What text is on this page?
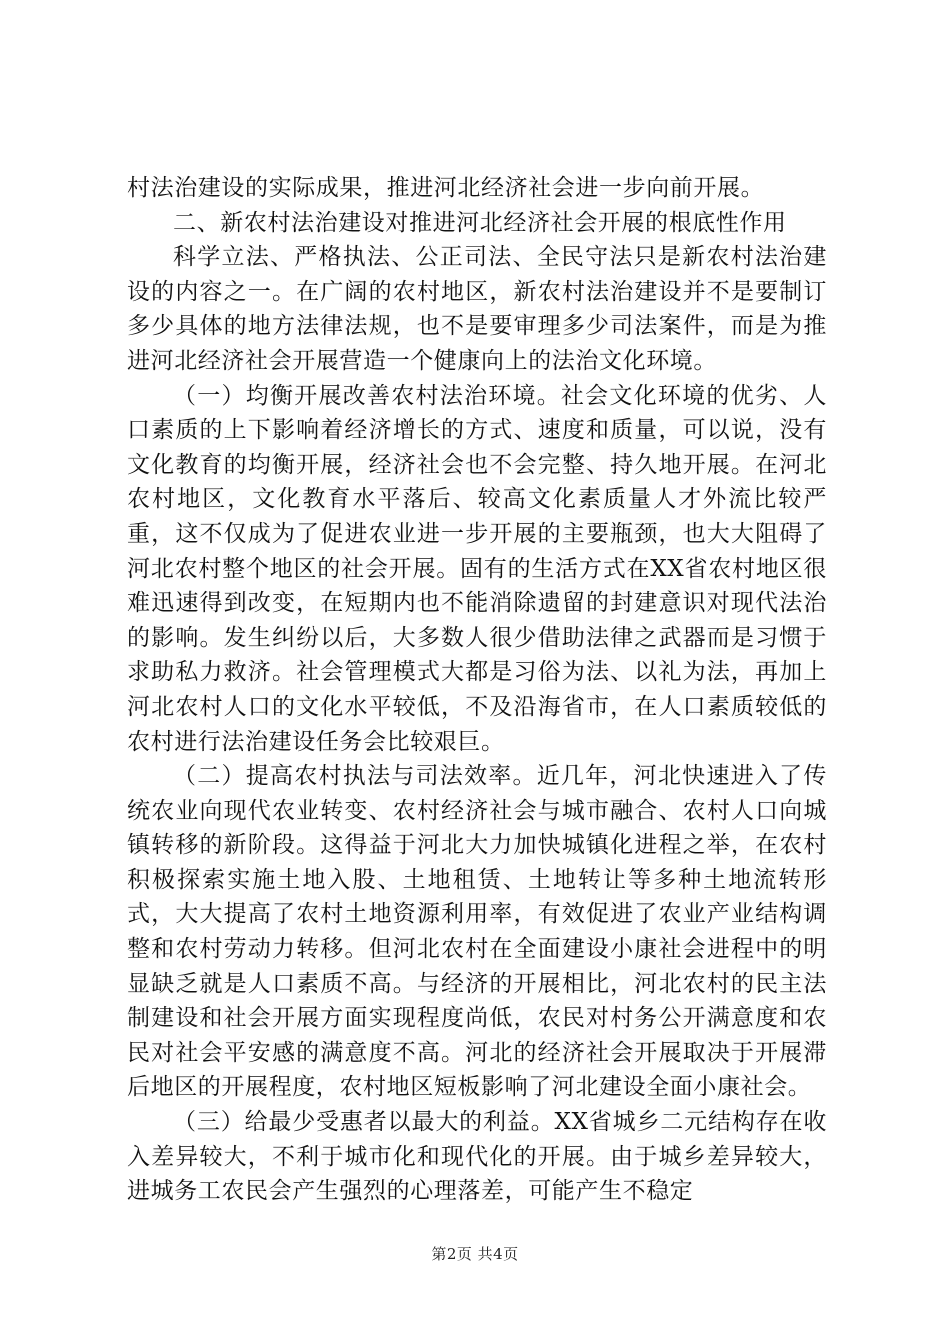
村法治建设的实际成果，推进河北经济社会进一步向前开展。

二、新农村法治建设对推进河北经济社会开展的根底性作用

科学立法、严格执法、公正司法、全民守法只是新农村法治建设的内容之一。在广阔的农村地区，新农村法治建设并不是要制订多少具体的地方法律法规，也不是要审理多少司法案件，而是为推进河北经济社会开展营造一个健康向上的法治文化环境。

（一）均衡开展改善农村法治环境。社会文化环境的优劣、人口素质的上下影响着经济增长的方式、速度和质量，可以说，没有文化教育的均衡开展，经济社会也不会完整、持久地开展。在河北农村地区，文化教育水平落后、较高文化素质量人才外流比较严重，这不仅成为了促进农业进一步开展的主要瓶颈，也大大阻碍了河北农村整个地区的社会开展。固有的生活方式在XX省农村地区很难迅速得到改变，在短期内也不能消除遗留的封建意识对现代法治的影响。发生纠纷以后，大多数人很少借助法律之武器而是习惯于求助私力救济。社会管理模式大都是习俗为法、以礼为法，再加上河北农村人口的文化水平较低，不及沿海省市，在人口素质较低的农村进行法治建设任务会比较艰巨。

（二）提高农村执法与司法效率。近几年，河北快速进入了传统农业向现代农业转变、农村经济社会与城市融合、农村人口向城镇转移的新阶段。这得益于河北大力加快城镇化进程之举，在农村积极探索实施土地入股、土地租赁、土地转让等多种土地流转形式，大大提高了农村土地资源利用率，有效促进了农业产业结构调整和农村劳动力转移。但河北农村在全面建设小康社会进程中的明显缺乏就是人口素质不高。与经济的开展相比，河北农村的民主法制建设和社会开展方面实现程度尚低，农民对村务公开满意度和农民对社会平安感的满意度不高。河北的经济社会开展取决于开展滞后地区的开展程度，农村地区短板影响了河北建设全面小康社会。

（三）给最少受惠者以最大的利益。XX省城乡二元结构存在收入差异较大，不利于城市化和现代化的开展。由于城乡差异较大，进城务工农民会产生强烈的心理落差，可能产生不稳定

第2页 共4页
